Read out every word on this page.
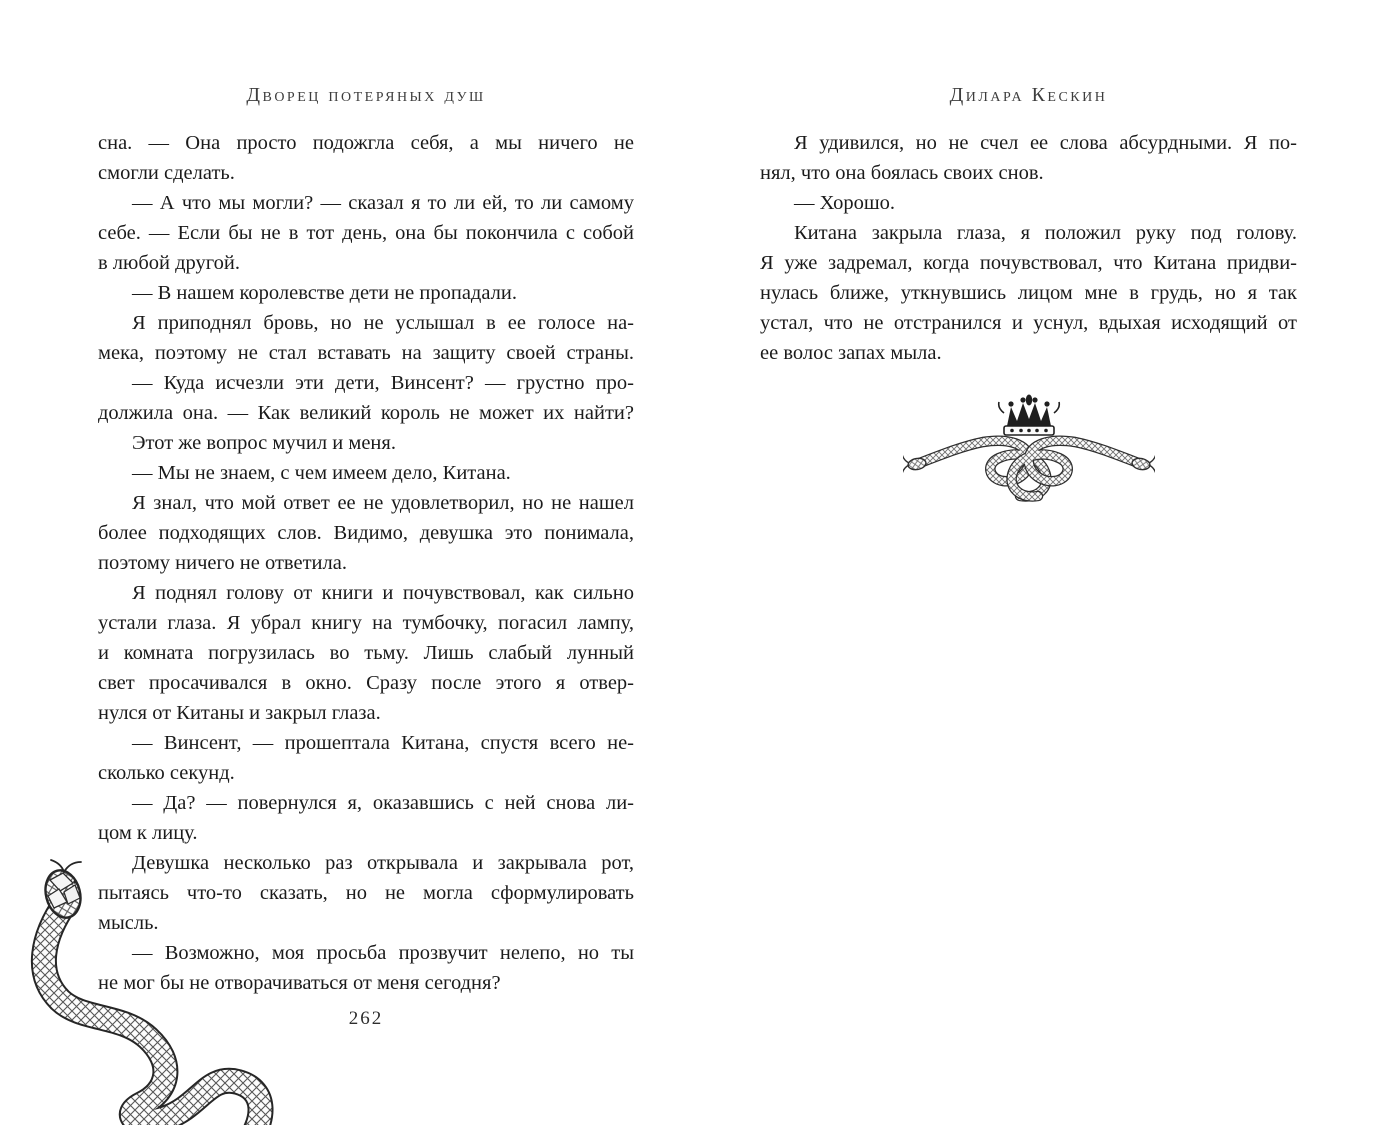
Дворец потеряных душ	Дилара Кескин
сна. — Она просто подожгла себя, а мы ничего не
смогли сделать.
— А что мы могли? — сказал я то ли ей, то ли самому
себе. — Если бы не в тот день, она бы покончила с собой
в любой другой.
— В нашем королевстве дети не пропадали.
Я приподнял бровь, но не услышал в ее голосе на-
мека, поэтому не стал вставать на защиту своей страны.
— Куда исчезли эти дети, Винсент? — грустно про-
должила она. — Как великий король не может их найти?
Этот же вопрос мучил и меня.
— Мы не знаем, с чем имеем дело, Китана.
Я знал, что мой ответ ее не удовлетворил, но не нашел
более подходящих слов. Видимо, девушка это понимала,
поэтому ничего не ответила.
Я поднял голову от книги и почувствовал, как сильно
устали глаза. Я убрал книгу на тумбочку, погасил лампу,
и комната погрузилась во тьму. Лишь слабый лунный
свет просачивался в окно. Сразу после этого я отвер-
нулся от Китаны и закрыл глаза.
— Винсент, — прошептала Китана, спустя всего не-
сколько секунд.
— Да? — повернулся я, оказавшись с ней снова ли-
цом к лицу.
Девушка несколько раз открывала и закрывала рот,
пытаясь что-то сказать, но не могла сформулировать
мысль.
— Возможно, моя просьба прозвучит нелепо, но ты
не мог бы не отворачиваться от меня сегодня?
Я удивился, но не счел ее слова абсурдными. Я по-
нял, что она боялась своих снов.
— Хорошо.
Китана закрыла глаза, я положил руку под голову.
Я уже задремал, когда почувствовал, что Китана придви-
нулась ближе, уткнувшись лицом мне в грудь, но я так
устал, что не отстранился и уснул, вдыхая исходящий от
ее волос запах мыла.
262
